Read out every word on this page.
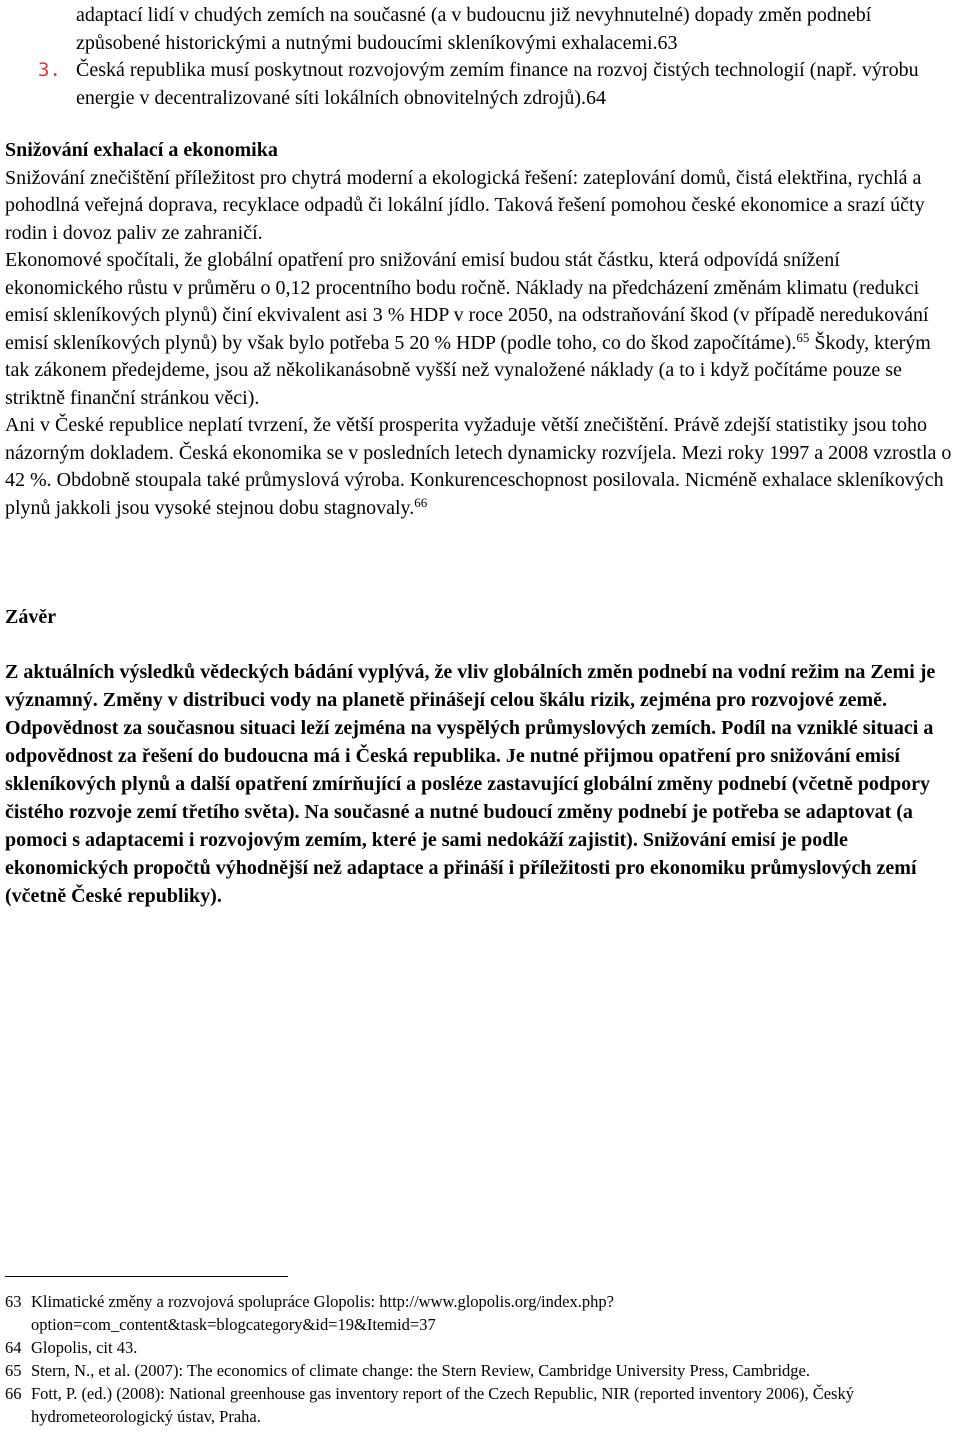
adaptací lidí v chudých zemích na současné (a v budoucnu již nevyhnutelné) dopady změn podnebí způsobené historickými a nutnými budoucími skleníkovými exhalacemi.63
3. Česká republika musí poskytnout rozvojovým zemím finance na rozvoj čistých technologií (např. výrobu energie v decentralizované síti lokálních obnovitelných zdrojů).64

Snižování exhalací a ekonomika

Snižování znečištění příležitost pro chytrá moderní a ekologická řešení: zateplování domů, čistá elektřina, rychlá a pohodlná veřejná doprava, recyklace odpadů či lokální jídlo. Taková řešení pomohou české ekonomice a srazí účty rodin i dovoz paliv ze zahraničí.

Ekonomové spočítali, že globální opatření pro snižování emisí budou stát částku, která odpovídá snížení ekonomického růstu v průměru o 0,12 procentního bodu ročně. Náklady na předcházení změnám klimatu (redukci emisí skleníkových plynů) činí ekvivalent asi 3 % HDP v roce 2050, na odstraňování škod (v případě neredukování emisí skleníkových plynů) by však bylo potřeba 5 20 % HDP (podle toho, co do škod započítáme).$^{65}$ Škody, kterým tak zákonem předejdeme, jsou až několikanásobně vyšší než vynaložené náklady (a to i když počítáme pouze se striktně finanční stránkou věci).

Ani v České republice neplatí tvrzení, že větší prosperita vyžaduje větší znečištění. Právě zdejší statistiky jsou toho názorným dokladem. Česká ekonomika se v posledních letech dynamicky rozvíjela. Mezi roky 1997 a 2008 vzrostla o 42 %. Obdobně stoupala také průmyslová výroba. Konkurenceschopnost posilovala. Nicméně exhalace skleníkových plynů jakkoli jsou vysoké stejnou dobu stagnovaly.$^{66}$

Závěr

Z aktuálních výsledků vědeckých bádání vyplývá, že vliv globálních změn podnebí na vodní režim na Zemi je významný. Změny v distribuci vody na planetě přinášejí celou škálu rizik, zejména pro rozvojové země. Odpovědnost za současnou situaci leží zejména na vyspělých průmyslových zemích. Podíl na vzniklé situaci a odpovědnost za řešení do budoucna má i Česká republika. Je nutné přijmou opatření pro snižování emisí skleníkových plynů a další opatření zmírňující a posléze zastavující globální změny podnebí (včetně podpory čistého rozvoje zemí třetího světa). Na současné a nutné budoucí změny podnebí je potřeba se adaptovat (a pomoci s adaptacemi i rozvojovým zemím, které je sami nedokáží zajistit). Snižování emisí je podle ekonomických propočtů výhodnější než adaptace a přináší i příležitosti pro ekonomiku průmyslových zemí (včetně České republiky).

63 Klimatické změny a rozvojová spolupráce Glopolis: http://www.glopolis.org/index.php?option=com_content&task=blogcategory&id=19&Itemid=37
64 Glopolis, cit 43.
65 Stern, N., et al. (2007): The economics of climate change: the Stern Review, Cambridge University Press, Cambridge.
66 Fott, P. (ed.) (2008): National greenhouse gas inventory report of the Czech Republic, NIR (reported inventory 2006), Český hydrometeorologický ústav, Praha.
